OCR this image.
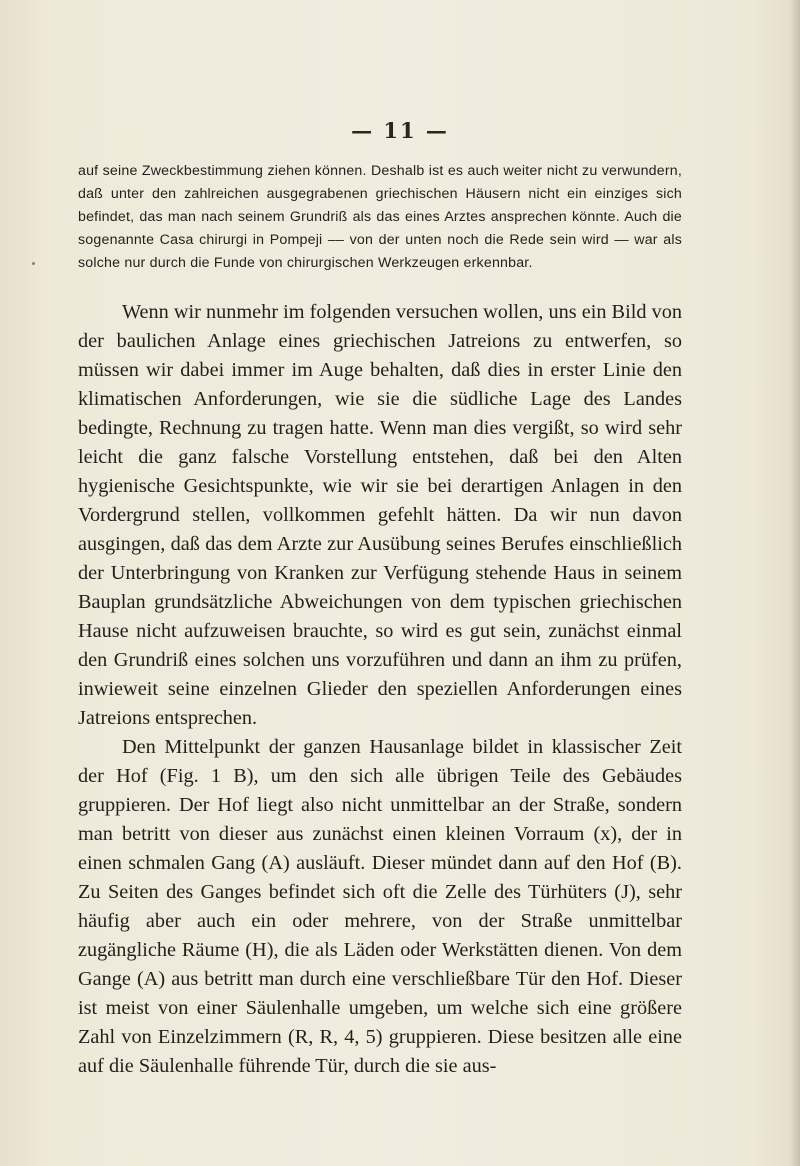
— 11 —

auf seine Zweckbestimmung ziehen können. Deshalb ist es auch weiter nicht zu verwundern, daß unter den zahlreichen ausgegrabenen griechischen Häusern nicht ein einziges sich befindet, das man nach seinem Grundriß als das eines Arztes ansprechen könnte. Auch die sogenannte Casa chirurgi in Pompeji –– von der unten noch die Rede sein wird — war als solche nur durch die Funde von chirurgischen Werkzeugen erkennbar.

Wenn wir nunmehr im folgenden versuchen wollen, uns ein Bild von der baulichen Anlage eines griechischen Jatreions zu entwerfen, so müssen wir dabei immer im Auge behalten, daß dies in erster Linie den klimatischen Anforderungen, wie sie die südliche Lage des Landes bedingte, Rechnung zu tragen hatte. Wenn man dies vergißt, so wird sehr leicht die ganz falsche Vorstellung entstehen, daß bei den Alten hygienische Gesichtspunkte, wie wir sie bei derartigen Anlagen in den Vordergrund stellen, vollkommen gefehlt hätten. Da wir nun davon ausgingen, daß das dem Arzte zur Ausübung seines Berufes einschließlich der Unterbringung von Kranken zur Verfügung stehende Haus in seinem Bauplan grundsätzliche Abweichungen von dem typischen griechischen Hause nicht aufzuweisen brauchte, so wird es gut sein, zunächst einmal den Grundriß eines solchen uns vorzuführen und dann an ihm zu prüfen, inwieweit seine einzelnen Glieder den speziellen Anforderungen eines Jatreions entsprechen.

Den Mittelpunkt der ganzen Hausanlage bildet in klassischer Zeit der Hof (Fig. 1 B), um den sich alle übrigen Teile des Gebäudes gruppieren. Der Hof liegt also nicht unmittelbar an der Straße, sondern man betritt von dieser aus zunächst einen kleinen Vorraum (x), der in einen schmalen Gang (A) ausläuft. Dieser mündet dann auf den Hof (B). Zu Seiten des Ganges befindet sich oft die Zelle des Türhüters (J), sehr häufig aber auch ein oder mehrere, von der Straße unmittelbar zugängliche Räume (H), die als Läden oder Werkstätten dienen. Von dem Gange (A) aus betritt man durch eine verschließbare Tür den Hof. Dieser ist meist von einer Säulenhalle umgeben, um welche sich eine größere Zahl von Einzelzimmern (R, R, 4, 5) gruppieren. Diese besitzen alle eine auf die Säulenhalle führende Tür, durch die sie aus-
